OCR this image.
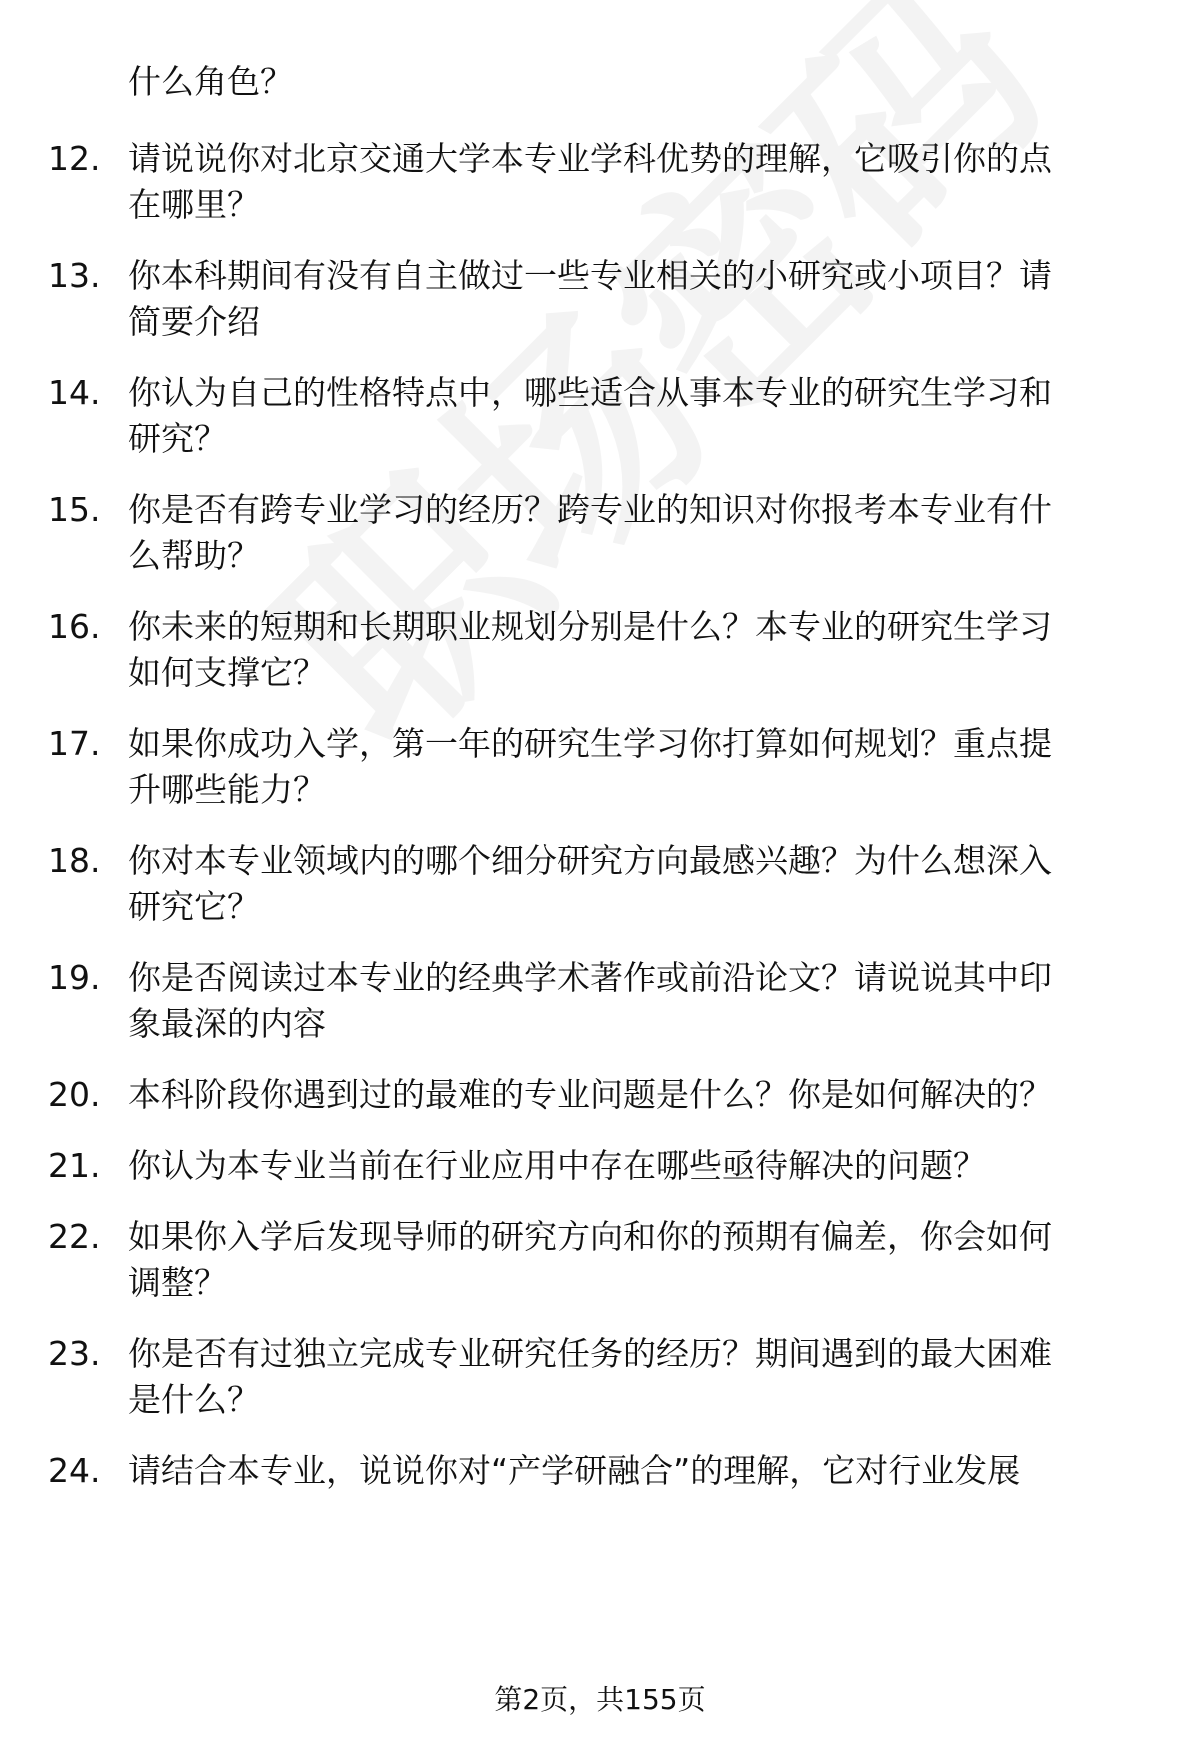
什么角色？
12. 请说说你对北京交通大学本专业学科优势的理解，它吸引你的点
在哪里？
13. 你本科期间有没有自主做过一些专业相关的小研究或小项目？请
简要介绍
14. 你认为自己的性格特点中，哪些适合从事本专业的研究生学习和
研究？
15. 你是否有跨专业学习的经历？跨专业的知识对你报考本专业有什
么帮助？
16. 你未来的短期和长期职业规划分别是什么？本专业的研究生学习
如何支撑它？
17. 如果你成功入学，第一年的研究生学习你打算如何规划？重点提
升哪些能力？
18. 你对本专业领域内的哪个细分研究方向最感兴趣？为什么想深入
研究它？
19. 你是否阅读过本专业的经典学术著作或前沿论文？请说说其中印
象最深的内容
20. 本科阶段你遇到过的最难的专业问题是什么？你是如何解决的？
21. 你认为本专业当前在行业应用中存在哪些亟待解决的问题？
22. 如果你入学后发现导师的研究方向和你的预期有偏差，你会如何
调整？
23. 你是否有过独立完成专业研究任务的经历？期间遇到的最大困难
是什么？
24. 请结合本专业，说说你对“产学研融合”的理解，它对行业发展
第2页，共155页
